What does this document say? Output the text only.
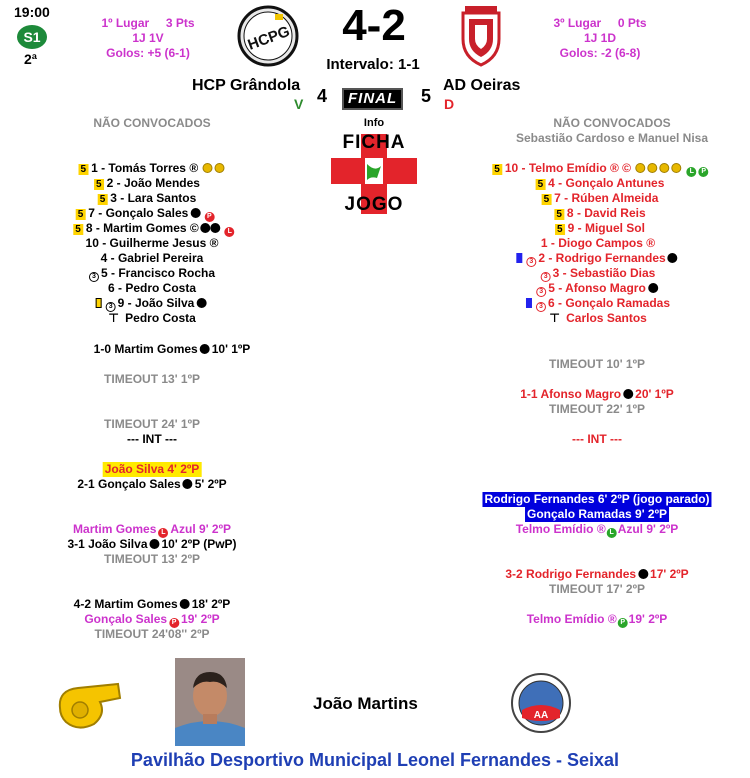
19:00
S1
2ª
1º Lugar     3 Pts
1J 1V
Golos: +5 (6-1)	HCPG 4-2
Intervalo: 1-1
3º Lugar     0 Pts
1J 1D
Golos: -2 (6-8)
HCP Grândola
4
V	FINAL	5
AD Oeiras
D
Info
FICHA
JOGO
NÃO CONVOCADOS	NÃO CONVOCADOS
Sebastião Cardoso e Manuel Nisa
5 1 - Tomás Torres ®
5 2 - João Mendes
5 3 - Lara Santos
5 7 - Gonçalo Sales	P
5 8 - Martim Gomes ©	L
10 - Guilherme Jesus ®
4 - Gabriel Pereira
3 5 - Francisco Rocha
6 - Pedro Costa
3 9 - João Silva
⊤ Pedro Costa
5 10 - Telmo Emídio ® ©	L P
5 4 - Gonçalo Antunes
5 7 - Rúben Almeida
5 8 - David Reis
5 9 - Miguel Sol
1 - Diogo Campos ®
3 2 - Rodrigo Fernandes
3 3 - Sebastião Dias
3 5 - Afonso Magro
3 6 - Gonçalo Ramadas
⊤ Carlos Santos
1-0 Martim Gomes 10' 1ºP
TIMEOUT 13' 1ºP
TIMEOUT 24' 1ºP
--- INT ---
João Silva 4' 2ºP
2-1 Gonçalo Sales 5' 2ºP
Martim Gomes L Azul 9' 2ºP
3-1 João Silva 10' 2ºP (PwP)
TIMEOUT 13' 2ºP
4-2 Martim Gomes 18' 2ºP
Gonçalo Sales P 19' 2ºP
TIMEOUT 24'08'' 2ºP
TIMEOUT 10' 1ºP
1-1 Afonso Magro 20' 1ºP
TIMEOUT 22' 1ºP
--- INT ---
Rodrigo Fernandes 6' 2ºP (jogo parado)
Gonçalo Ramadas 9' 2ºP
Telmo Emídio ® L Azul 9' 2ºP
3-2 Rodrigo Fernandes 17' 2ºP
TIMEOUT 17' 2ºP
Telmo Emídio ® P 19' 2ºP
João Martins
ΑΑ
Pavilhão Desportivo Municipal Leonel Fernandes - Seixal
